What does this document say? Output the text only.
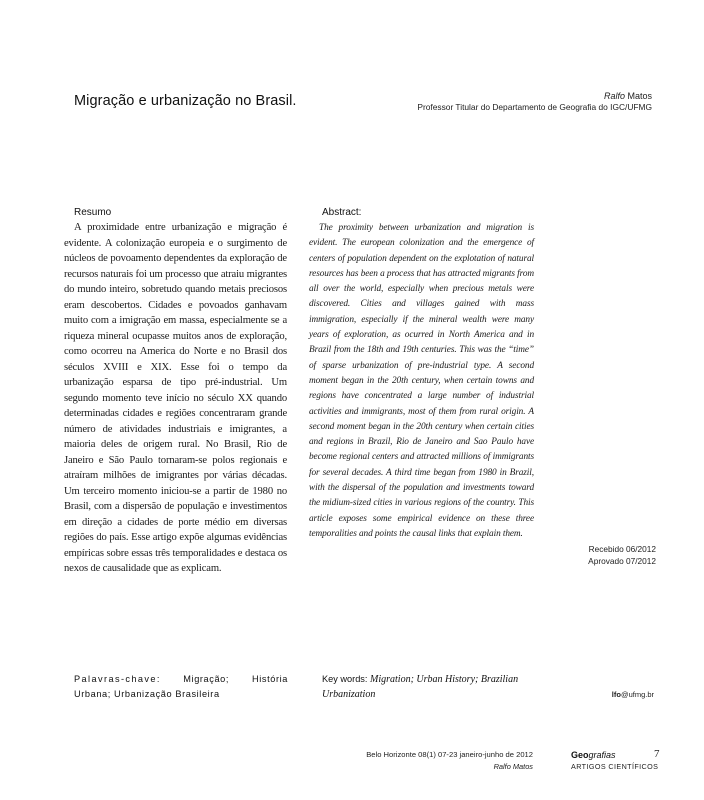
Migração e urbanização no Brasil.	Ralfo Matos
Professor Titular do Departamento de Geografia do IGC/UFMG
Resumo

A proximidade entre urbanização e migração é evidente. A colonização europeia e o surgimento de núcleos de povoamento dependentes da exploração de recursos naturais foi um processo que atraiu migrantes do mundo inteiro, sobretudo quando metais preciosos eram descobertos. Cidades e povoados ganhavam muito com a imigração em massa, especialmente se a riqueza mineral ocupasse muitos anos de exploração, como ocorreu na America do Norte e no Brasil dos séculos XVIII e XIX. Esse foi o tempo da urbanização esparsa de tipo pré-industrial. Um segundo momento teve início no século XX quando determinadas cidades e regiões concentraram grande número de atividades industriais e imigrantes, a maioria deles de origem rural. No Brasil, Rio de Janeiro e São Paulo tornaram-se polos regionais e atraíram milhões de imigrantes por várias décadas. Um terceiro momento iniciou-se a partir de 1980 no Brasil, com a dispersão de população e investimentos em direção a cidades de porte médio em diversas regiões do país. Esse artigo expõe algumas evidências empíricas sobre essas três temporalidades e destaca os nexos de causalidade que as explicam.

Abstract:

The proximity between urbanization and migration is evident. The european colonization and the emergence of centers of population dependent on the explotation of natural resources has been a process that has attracted migrants from all over the world, especially when precious metals were discovered. Cities and villages gained with mass immigration, especially if the mineral wealth were many years of exploration, as ocurred in North America and in Brazil from the 18th and 19th centuries. This was the “time” of sparse urbanization of pre-industrial type. A second moment began in the 20th century, when certain towns and regions have concentrated a large number of industrial activities and immigrants, most of them from rural origin. A second moment began in the 20th century when certain cities and regions in Brazil, Rio de Janeiro and Sao Paulo have become regional centers and attracted millions of immigrants for several decades. A third time began from 1980 in Brazil, with the dispersal of the population and investments toward the midium-sized cities in various regions of the country. This article exposes some empirical evidence on these three temporalities and points the causal links that explain them.

Recebido 06/2012
Aprovado 07/2012
Palavras-chave: Migração; História Urbana; Urbanização Brasileira
Key words: Migration; Urban History; Brazilian Urbanization	lfo@ufmg.br
Belo Horizonte 08(1) 07-23 janeiro-junho de 2012
Ralfo Matos
Geografias
ARTIGOS CIENTÍFICOS
7
